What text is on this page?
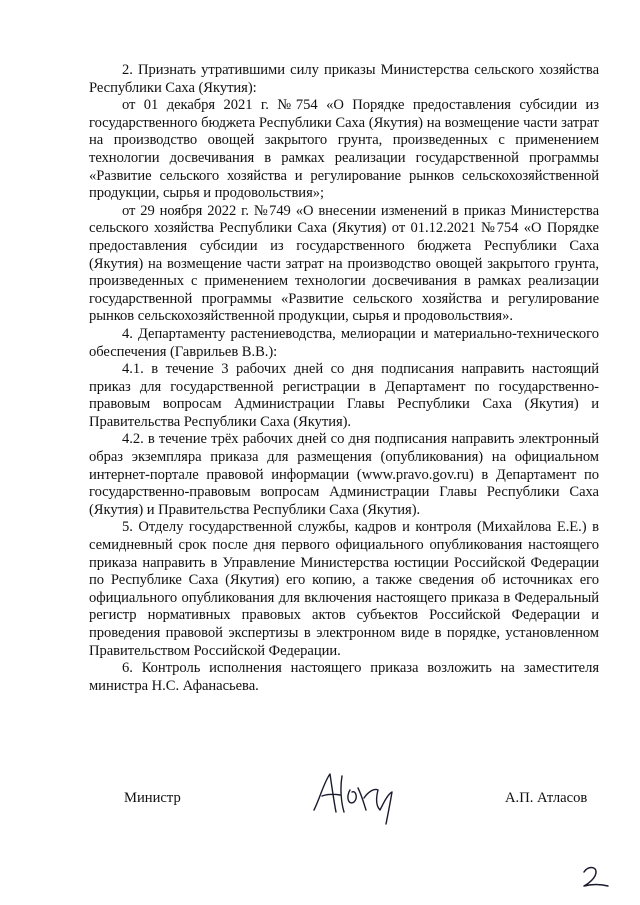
2. Признать утратившими силу приказы Министерства сельского хозяйства Республики Саха (Якутия):

от 01 декабря 2021 г. №754 «О Порядке предоставления субсидии из государственного бюджета Республики Саха (Якутия) на возмещение части затрат на производство овощей закрытого грунта, произведенных с применением технологии досвечивания в рамках реализации государственной программы «Развитие сельского хозяйства и регулирование рынков сельскохозяйственной продукции, сырья и продовольствия»;

от 29 ноября 2022 г. №749 «О внесении изменений в приказ Министерства сельского хозяйства Республики Саха (Якутия) от 01.12.2021 №754 «О Порядке предоставления субсидии из государственного бюджета Республики Саха (Якутия) на возмещение части затрат на производство овощей закрытого грунта, произведенных с применением технологии досвечивания в рамках реализации государственной программы «Развитие сельского хозяйства и регулирование рынков сельскохозяйственной продукции, сырья и продовольствия».

4. Департаменту растениеводства, мелиорации и материально-технического обеспечения (Гаврильев В.В.):

4.1. в течение 3 рабочих дней со дня подписания направить настоящий приказ для государственной регистрации в Департамент по государственно-правовым вопросам Администрации Главы Республики Саха (Якутия) и Правительства Республики Саха (Якутия).

4.2. в течение трёх рабочих дней со дня подписания направить электронный образ экземпляра приказа для размещения (опубликования) на официальном интернет-портале правовой информации (www.pravo.gov.ru) в Департамент по государственно-правовым вопросам Администрации Главы Республики Саха (Якутия) и Правительства Республики Саха (Якутия).

5. Отделу государственной службы, кадров и контроля (Михайлова Е.Е.) в семидневный срок после дня первого официального опубликования настоящего приказа направить в Управление Министерства юстиции Российской Федерации по Республике Саха (Якутия) его копию, а также сведения об источниках его официального опубликования для включения настоящего приказа в Федеральный регистр нормативных правовых актов субъектов Российской Федерации и проведения правовой экспертизы в электронном виде в порядке, установленном Правительством Российской Федерации.

6. Контроль исполнения настоящего приказа возложить на заместителя министра Н.С. Афанасьева.

Министр	А.П. Атласов
